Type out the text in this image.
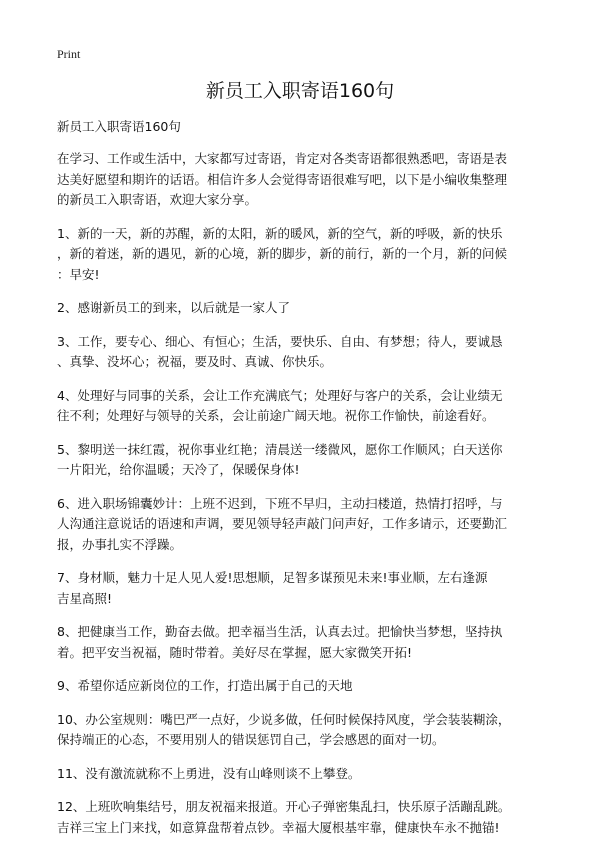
Print
新员工入职寄语160句

新员工入职寄语160句

在学习、工作或生活中，大家都写过寄语，肯定对各类寄语都很熟悉吧，寄语是表
达美好愿望和期许的话语。相信许多人会觉得寄语很难写吧，以下是小编收集整理
的新员工入职寄语，欢迎大家分享。

1、新的一天，新的苏醒，新的太阳，新的暖风，新的空气，新的呼吸，新的快乐
，新的着迷，新的遇见，新的心境，新的脚步，新的前行，新的一个月，新的问候
：早安!

2、感谢新员工的到来，以后就是一家人了

3、工作，要专心、细心、有恒心；生活，要快乐、自由、有梦想；待人，要诚恳
、真挚、没坏心；祝福，要及时、真诚、你快乐。

4、处理好与同事的关系，会让工作充满底气；处理好与客户的关系，会让业绩无
往不利；处理好与领导的关系，会让前途广阔天地。祝你工作愉快，前途看好。

5、黎明送一抹红霞，祝你事业红艳；清晨送一缕微风，愿你工作顺风；白天送你
一片阳光，给你温暖；天冷了，保暖保身体!

6、进入职场锦囊妙计：上班不迟到，下班不早归，主动扫楼道，热情打招呼，与
人沟通注意说话的语速和声调，要见领导轻声敲门问声好，工作多请示，还要勤汇
报，办事扎实不浮躁。

7、身材顺，魅力十足人见人爱!思想顺，足智多谋预见未来!事业顺，左右逢源
吉星高照!

8、把健康当工作，勤奋去做。把幸福当生活，认真去过。把愉快当梦想，坚持执
着。把平安当祝福，随时带着。美好尽在掌握，愿大家微笑开拓!

9、希望你适应新岗位的工作，打造出属于自己的天地

10、办公室规则：嘴巴严一点好，少说多做，任何时候保持风度，学会装装糊涂，
保持端正的心态，不要用别人的错误惩罚自己，学会感恩的面对一切。

11、没有激流就称不上勇进，没有山峰则谈不上攀登。

12、上班吹响集结号，朋友祝福来报道。开心子弹密集乱扫，快乐原子活蹦乱跳。
吉祥三宝上门来找，如意算盘帮着点钞。幸福大厦根基牢靠，健康快车永不抛锚!
